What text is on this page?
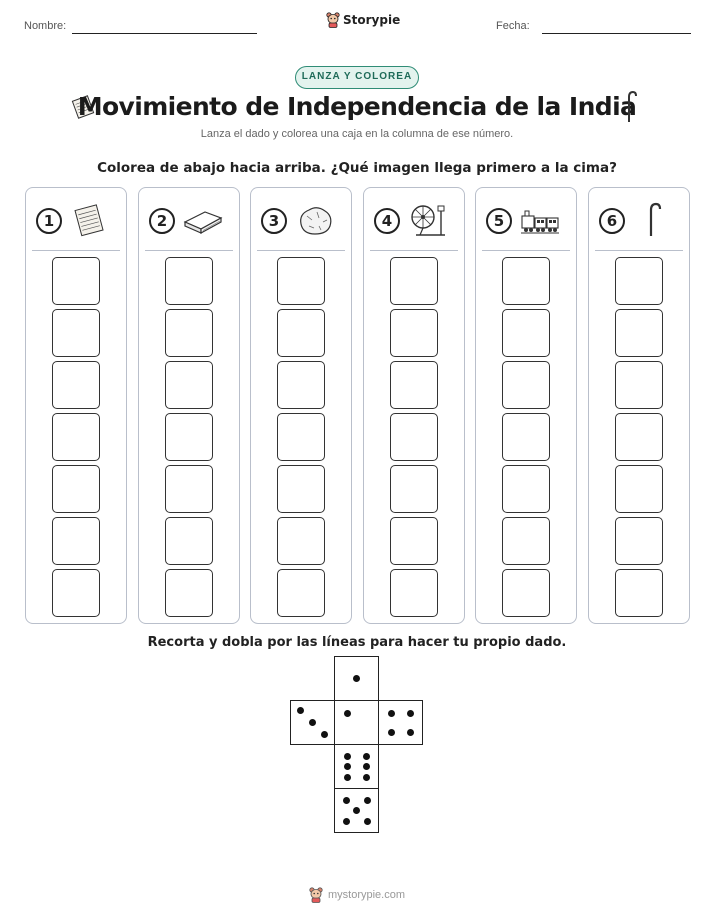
Nombre:	Storypie	Fecha:
LANZA Y COLOREA
Movimiento de Independencia de la India
Lanza el dado y colorea una caja en la columna de ese número.
Colorea de abajo hacia arriba. ¿Qué imagen llega primero a la cima?
1	2	3	4	5	6
Recorta y dobla por las líneas para hacer tu propio dado.
mystorypie.com
